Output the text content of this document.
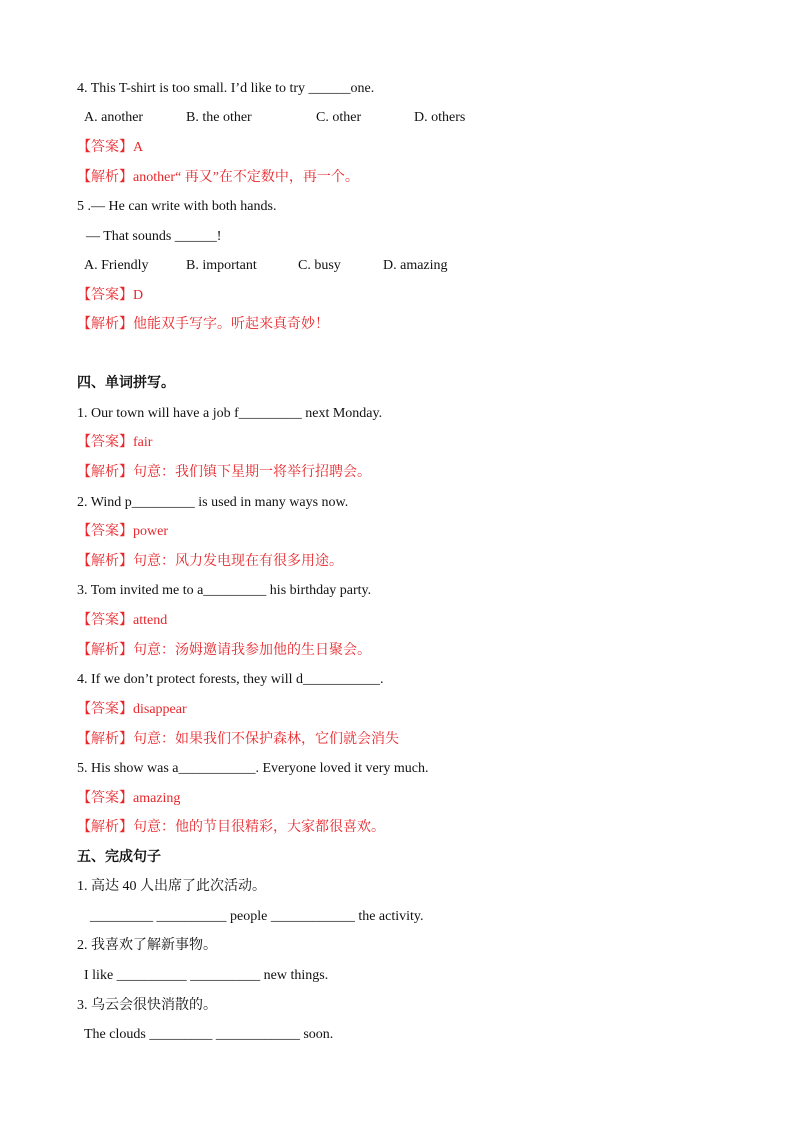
4. This T-shirt is too small. I’d like to try ______one.
A. another	B. the other	C. other	D. others
【答案】A
【解析】another“ 再又”在不定数中，再一个。
5 .— He can write with both hands.
— That sounds ______!
A. Friendly	B. important	C. busy	D. amazing
【答案】D
【解析】他能双手写字。听起来真奇妙！
四、单词拼写。
1. Our town will have a job f_________ next Monday.
【答案】fair
【解析】句意：我们镇下星期一将举行招聘会。
2. Wind p_________ is used in many ways now.
【答案】power
【解析】句意：风力发电现在有很多用途。
3. Tom invited me to a_________ his birthday party.
【答案】attend
【解析】句意：汤姆邀请我参加他的生日聚会。
4. If we don’t protect forests, they will d___________.
【答案】disappear
【解析】句意：如果我们不保护森林，它们就会消失
5. His show was a___________. Everyone loved it very much.
【答案】amazing
【解析】句意：他的节目很精彩，大家都很喜欢。
五、完成句子
1. 高达 40 人出席了此次活动。
_________ __________ people ____________ the activity.
2. 我喜欢了解新事物。
I like __________ __________ new things.
3. 乌云会很快消散的。
The clouds _________ ____________ soon.
